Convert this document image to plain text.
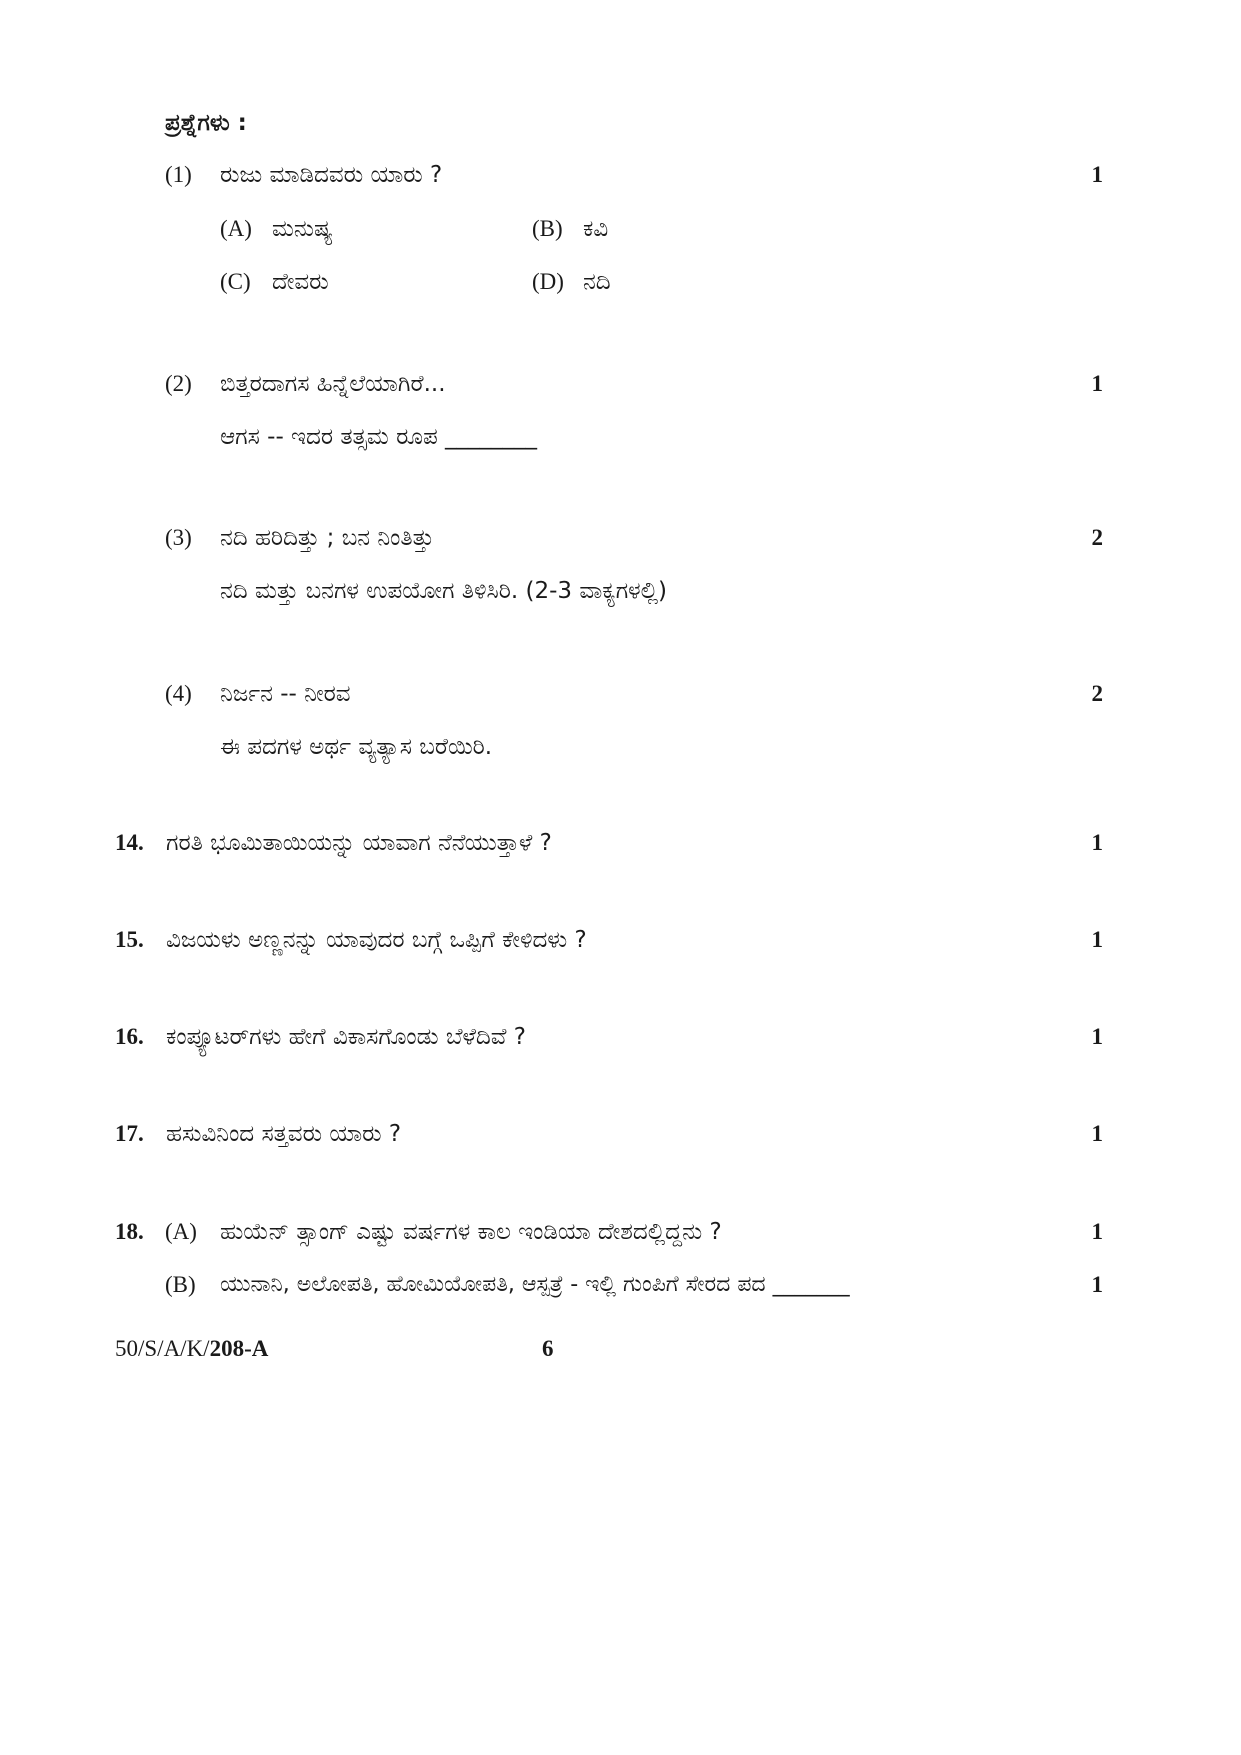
ಪ್ರಶ್ನೆಗಳು :
(1) ರುಜು ಮಾಡಿದವರು ಯಾರು ?	1
(A) ಮನುಷ್ಯ	(B) ಕವಿ
(C) ದೇವರು	(D) ನದಿ
(2) ಬಿತ್ತರದಾಗಸ ಹಿನ್ನೆಲೆಯಾಗಿರೆ...	1
ಆಗಸ -- ಇದರ ತತ್ಸಮ ರೂಪ ________
(3) ನದಿ ಹರಿದಿತ್ತು ; ಬನ ನಿಂತಿತ್ತು	2
ನದಿ ಮತ್ತು ಬನಗಳ ಉಪಯೋಗ ತಿಳಿಸಿರಿ. (2-3 ವಾಕ್ಯಗಳಲ್ಲಿ)
(4) ನಿರ್ಜನ -- ನೀರವ	2
ಈ ಪದಗಳ ಅರ್ಥ ವ್ಯತ್ಯಾಸ ಬರೆಯಿರಿ.
14. ಗರತಿ ಭೂಮಿತಾಯಿಯನ್ನು ಯಾವಾಗ ನೆನೆಯುತ್ತಾಳೆ ?	1
15. ವಿಜಯಳು ಅಣ್ಣನನ್ನು ಯಾವುದರ ಬಗ್ಗೆ ಒಪ್ಪಿಗೆ ಕೇಳಿದಳು ?	1
16. ಕಂಪ್ಯೂಟರ್‌ಗಳು ಹೇಗೆ ವಿಕಾಸಗೊಂಡು ಬೆಳೆದಿವೆ ?	1
17. ಹಸುವಿನಿಂದ ಸತ್ತವರು ಯಾರು ?	1
18. (A) ಹುಯೆನ್ ತ್ಸಾಂಗ್ ಎಷ್ಟು ವರ್ಷಗಳ ಕಾಲ ಇಂಡಿಯಾ ದೇಶದಲ್ಲಿದ್ದನು ?	1
(B) ಯುನಾನಿ, ಅಲೋಪತಿ, ಹೋಮಿಯೋಪತಿ, ಆಸ್ಪತ್ರೆ - ಇಲ್ಲಿ ಗುಂಪಿಗೆ ಸೇರದ ಪದ _______	1
50/S/A/K/208-A	6
